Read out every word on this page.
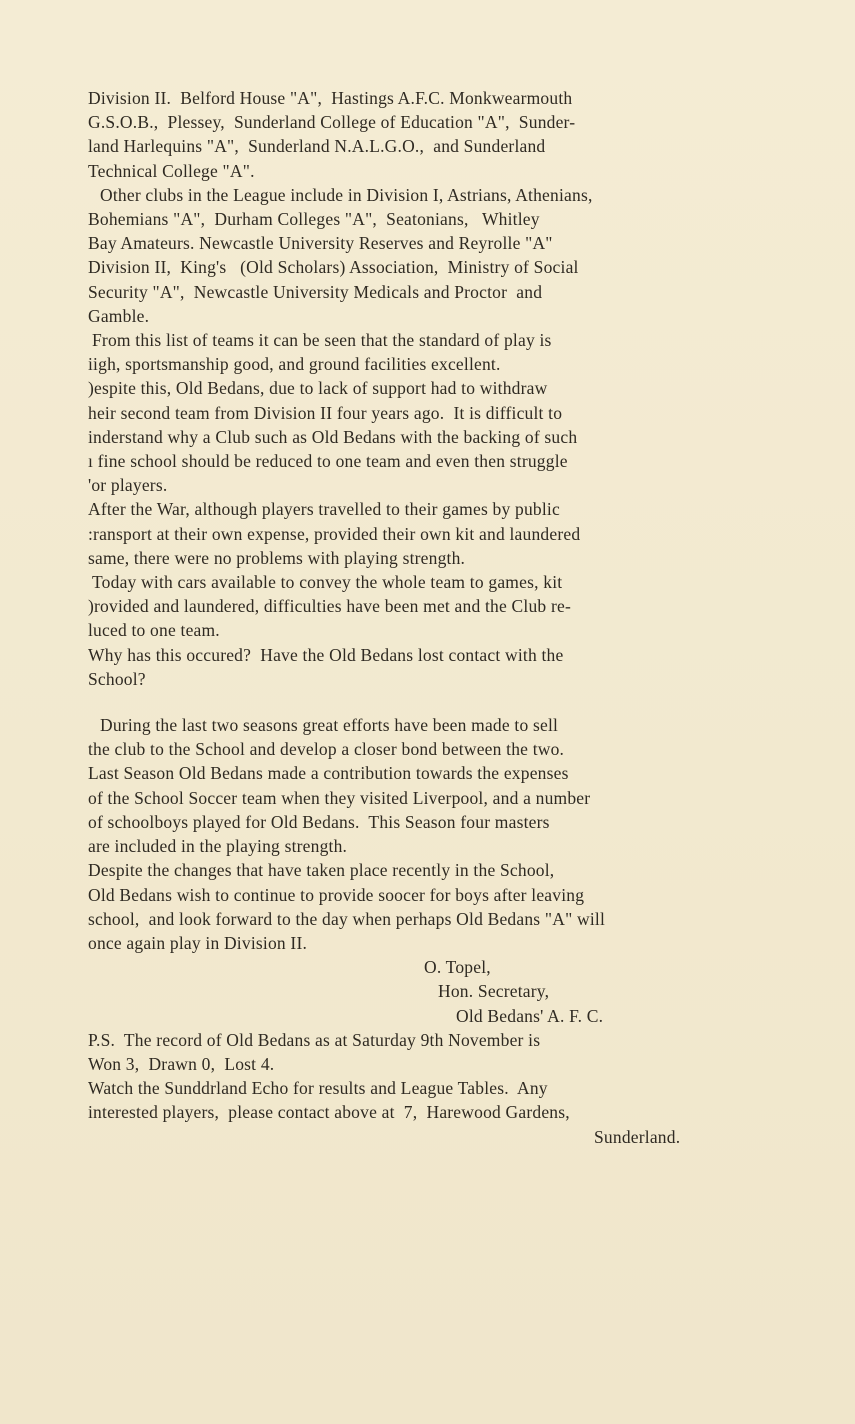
Division II.  Belford House "A",  Hastings A.F.C. Monkwearmouth
G.S.O.B.,  Plessey,  Sunderland College of Education "A",  Sunder-
land Harlequins "A",  Sunderland N.A.L.G.O.,  and Sunderland
Technical College "A".
Other clubs in the League include in Division I, Astrians, Athenians,
Bohemians "A",  Durham Colleges "A",  Seatonians,   Whitley
Bay Amateurs. Newcastle University Reserves and Reyrolle "A"
Division II,  King's   (Old Scholars) Association,  Ministry of Social
Security "A",  Newcastle University Medicals and Proctor  and
Gamble.
From this list of teams it can be seen that the standard of play is
iigh, sportsmanship good, and ground facilities excellent.
)espite this, Old Bedans, due to lack of support had to withdraw
heir second team from Division II four years ago.  It is difficult to
inderstand why a Club such as Old Bedans with the backing of such
ı fine school should be reduced to one team and even then struggle
'or players.
After the War, although players travelled to their games by public
:ransport at their own expense, provided their own kit and laundered
same, there were no problems with playing strength.
Today with cars available to convey the whole team to games, kit
)rovided and laundered, difficulties have been met and the Club re-
luced to one team.
Why has this occured?  Have the Old Bedans lost contact with the
School?
During the last two seasons great efforts have been made to sell
the club to the School and develop a closer bond between the two.
Last Season Old Bedans made a contribution towards the expenses
of the School Soccer team when they visited Liverpool, and a number
of schoolboys played for Old Bedans.  This Season four masters
are included in the playing strength.
Despite the changes that have taken place recently in the School,
Old Bedans wish to continue to provide soocer for boys after leaving
school,  and look forward to the day when perhaps Old Bedans "A" will
once again play in Division II.
O. Topel,
Hon. Secretary,
Old Bedans' A. F. C.
P.S.  The record of Old Bedans as at Saturday 9th November is
Won 3,  Drawn 0,  Lost 4.
Watch the Sunddrland Echo for results and League Tables.  Any
interested players,  please contact above at  7,  Harewood Gardens,
Sunderland.
